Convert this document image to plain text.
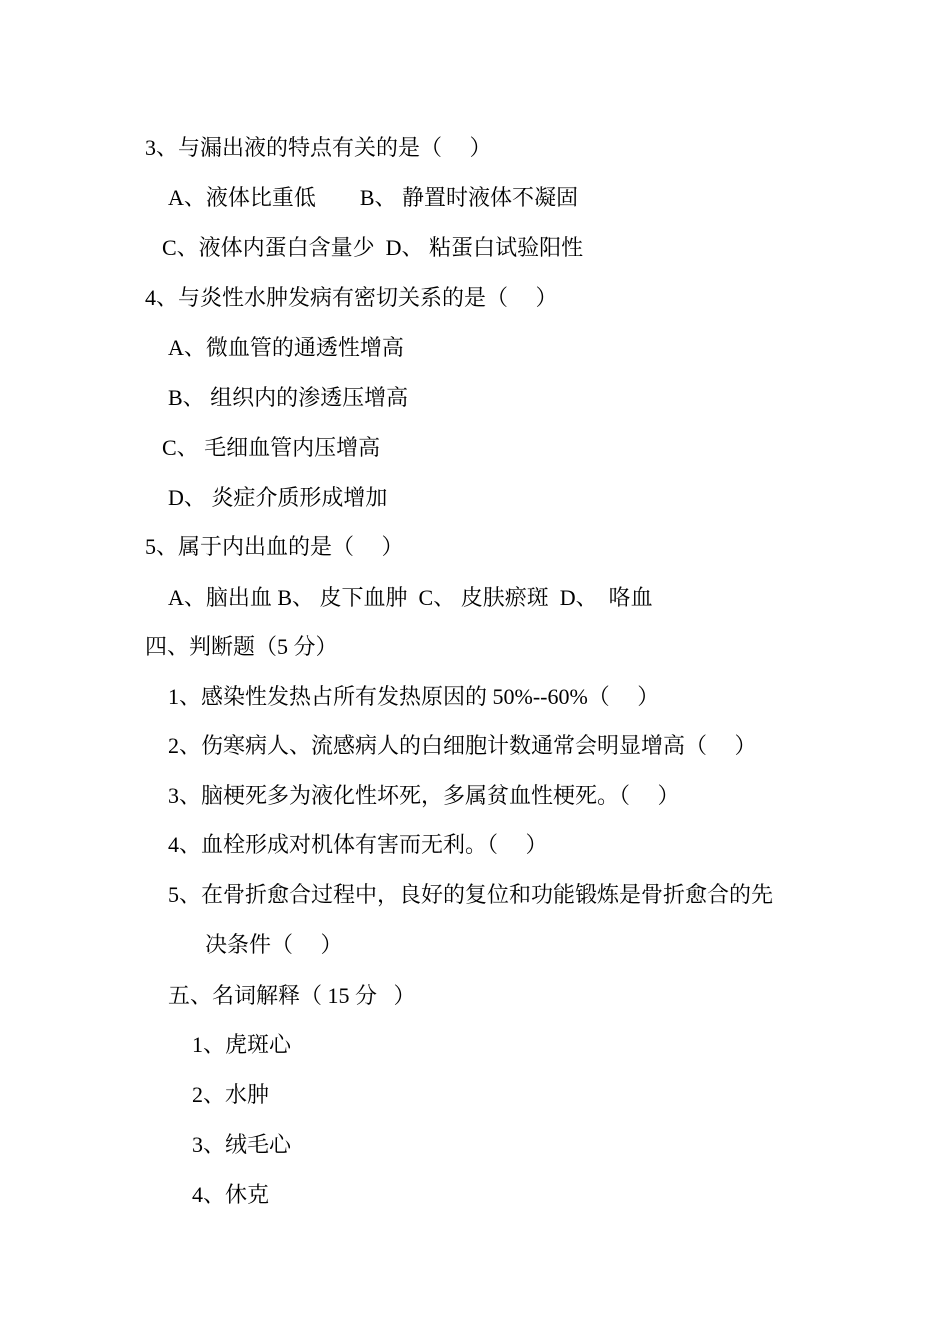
3、与漏出液的特点有关的是（     ）
A、液体比重低        B、 静置时液体不凝固
C、液体内蛋白含量少  D、 粘蛋白试验阳性
4、与炎性水肿发病有密切关系的是（     ）
A、微血管的通透性增高
B、 组织内的渗透压增高
C、 毛细血管内压增高
D、 炎症介质形成增加
5、属于内出血的是（     ）
A、脑出血 B、 皮下血肿  C、 皮肤瘀斑  D、  咯血
四、判断题（5 分）
1、感染性发热占所有发热原因的 50%--60%（     ）
2、伤寒病人、流感病人的白细胞计数通常会明显增高（     ）
3、脑梗死多为液化性坏死，多属贫血性梗死。（     ）
4、血栓形成对机体有害而无利。（     ）
5、在骨折愈合过程中，良好的复位和功能锻炼是骨折愈合的先
决条件（     ）
五、名词解释（ 15 分   ）
1、虎斑心
2、水肿
3、绒毛心
4、休克
